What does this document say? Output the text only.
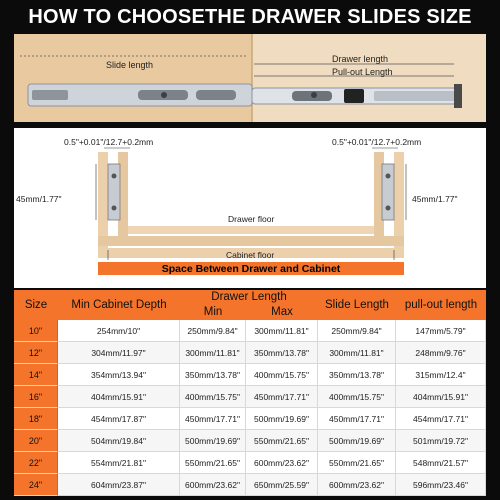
HOW TO CHOOSETHE DRAWER SLIDES SIZE
Slide length
Drawer length
Pull-out Length
0.5"+0.01"/12.7+0.2mm	0.5"+0.01"/12.7+0.2mm
45mm/1.77"	45mm/1.77"
Drawer floor
Cabinet floor
Space Between Drawer and Cabinet
Size	Min Cabinet Depth
Drawer Length
Min	Max
Slide Length	pull-out length
10"	254mm/10"	250mm/9.84"	300mm/11.81"	250mm/9.84"	147mm/5.79"
12"	304mm/11.97"	300mm/11.81"	350mm/13.78"	300mm/11.81"	248mm/9.76"
14"	354mm/13.94"	350mm/13.78"	400mm/15.75"	350mm/13.78"	315mm/12.4"
16"	404mm/15.91"	400mm/15.75"	450mm/17.71"	400mm/15.75"	404mm/15.91"
18"	454mm/17.87"	450mm/17.71"	500mm/19.69"	450mm/17.71"	454mm/17.71"
20"	504mm/19.84"	500mm/19.69"	550mm/21.65"	500mm/19.69"	501mm/19.72"
22"	554mm/21.81"	550mm/21.65"	600mm/23.62"	550mm/21.65"	548mm/21.57"
24"	604mm/23.87"	600mm/23.62"	650mm/25.59"	600mm/23.62"	596mm/23.46"
